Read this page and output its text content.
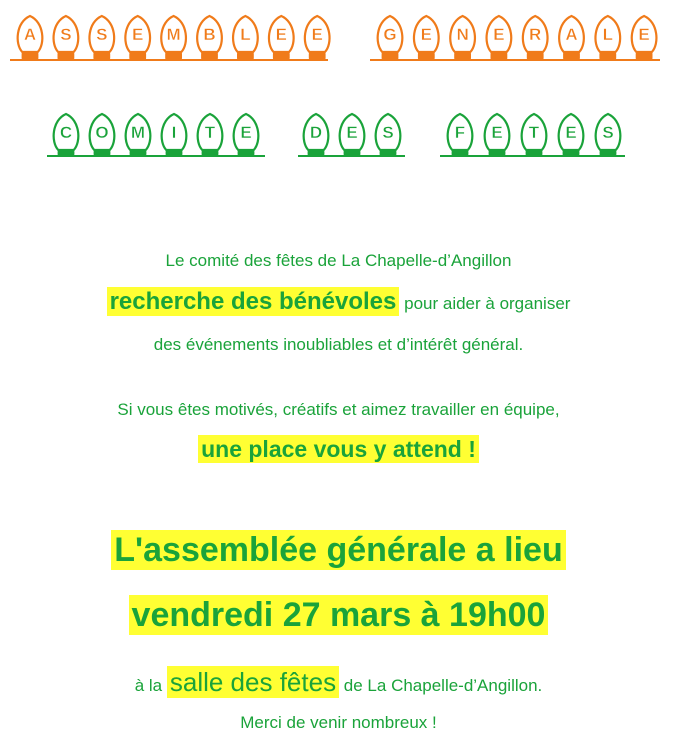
A S S E M B L E E	G E N E R A L E
C O M I T E	D E S	F E T E S
Le comité des fêtes de La Chapelle-d’Angillon
recherche des bénévoles pour aider à organiser
des événements inoubliables et d’intérêt général.
Si vous êtes motivés, créatifs et aimez travailler en équipe,
une place vous y attend !
L'assemblée générale a lieu
vendredi 27 mars à 19h00
à la salle des fêtes de La Chapelle-d’Angillon.
Merci de venir nombreux !
